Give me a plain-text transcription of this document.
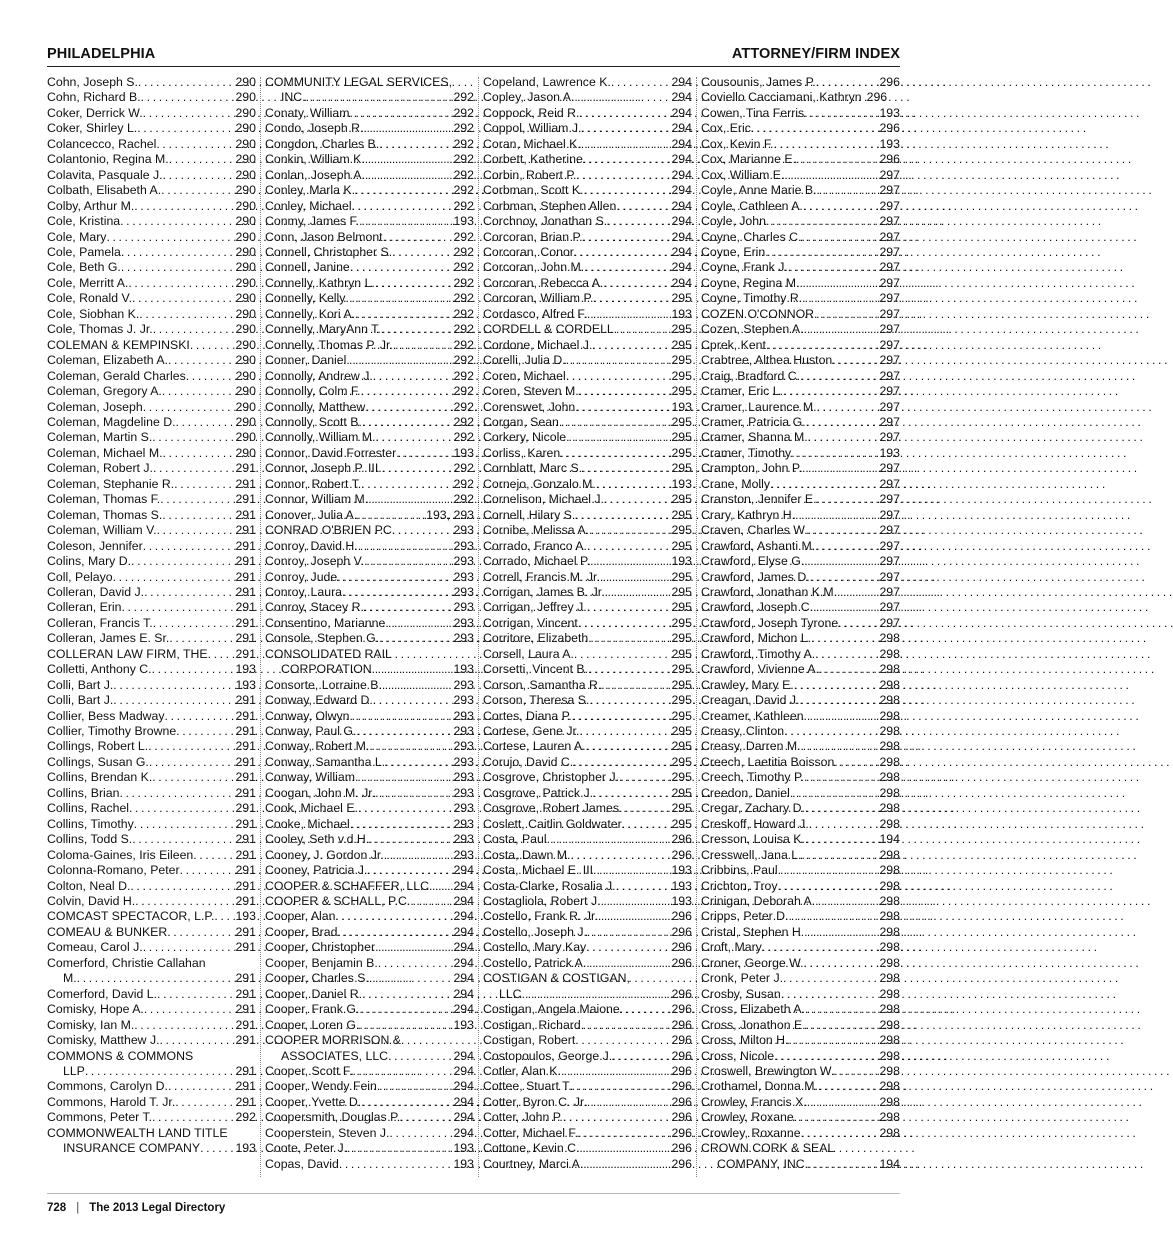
PHILADELPHIA	ATTORNEY/FIRM INDEX
Cohn, Joseph S. . . .	290
Cohn, Richard B. . . .	290
Coker, Derrick W. . . .	290
Coker, Shirley L. . . .	290
Colancecco, Rachel . . .	290
Colantonio, Regina M. . . .	290
Colavita, Pasquale J. . . .	290
Colbath, Elisabeth A. . . .	290
Colby, Arthur M. . . .	290
Cole, Kristina . . .	290
Cole, Mary . . .	290
Cole, Pamela . . .	290
Cole, Beth G. . . .	290
Cole, Merritt A. . . .	290
Cole, Ronald V. . . .	290
Cole, Siobhan K. . . .	290
Cole, Thomas J. Jr. . . .	290
COLEMAN & KEMPINSKI . . .	290
Coleman, Elizabeth A. . . .	290
Coleman, Gerald Charles . . .	290
Coleman, Gregory A. . . .	290
Coleman, Joseph . . .	290
Coleman, Magdeline D. . . .	290
Coleman, Martin S. . . .	290
Coleman, Michael M. . . .	290
Coleman, Robert J. . . .	291
Coleman, Stephanie R. . . .	291
Coleman, Thomas F. . . .	291
Coleman, Thomas S. . . .	291
Coleman, William V. . . .	291
Coleson, Jennifer . . .	291
Colins, Mary D. . . .	291
Coll, Pelayo . . .	291
Colleran, David J. . . .	291
Colleran, Erin . . .	291
Colleran, Francis T. . . .	291
Colleran, James E. Sr. . . .	291
COLLERAN LAW FIRM, THE . . . 291
Colletti, Anthony C. . . .	193
Colli, Bart J. . . .	193
Colli, Bart J. . . .	291
Collier, Bess Madway . . .	291
Collier, Timothy Browne . . .	291
Collings, Robert L. . . .	291
Collings, Susan G. . . .	291
Collins, Brendan K. . . .	291
Collins, Brian . . .	291
Collins, Rachel . . .	291
Collins, Timothy . . .	291
Collins, Todd S. . . .	291
Coloma-Gaines, Iris Eileen . . .	291
Colonna-Romano, Peter . . .	291
Colton, Neal D. . . .	291
Colvin, David H. . . .	291
COMCAST SPECTACOR, L.P. . . . 193
COMEAU & BUNKER . . .	291
Comeau, Carol J. . . .	291
Comerford, Christie Callahan
M. . . .	291
Comerford, David L. . . .	291
Comisky, Hope A. . . .	291
Comisky, Ian M. . . .	291
Comisky, Matthew J. . . .	291
COMMONS & COMMONS
LLP . . .	291
Commons, Carolyn D. . . .	291
Commons, Harold T. Jr. . . .	291
Commons, Peter T. . . .	292
COMMONWEALTH LAND TITLE
INSURANCE COMPANY . . .	193
COMMUNITY LEGAL SERVICES,
INC. . . .	292
Conaty, William . . .	292
Condo, Joseph R. . . .	292
Congdon, Charles B. . . .	292
Conkin, William K. . . .	292
Conlan, Joseph A. . . .	292
Conley, Marla K. . . .	292
Conley, Michael . . .	292
Conmy, James F. . . .	193
Conn, Jason Belmont . . .	292
Connell, Christopher S. . . .	292
Connell, Janine . . .	292
Connelly, Kathryn L. . . .	292
Connelly, Kelly . . .	292
Connelly, Kori A. . . .	292
Connelly, MaryAnn T. . . .	292
Connelly, Thomas P. Jr. . . .	292
Conner, Daniel . . .	292
Connolly, Andrew J. . . .	292
Connolly, Colm F. . . .	292
Connolly, Matthew . . .	292
Connolly, Scott B. . . .	292
Connolly, William M. . . .	292
Connor, David Forrester . . .	193
Connor, Joseph P. III. . . .	292
Connor, Robert T. . . .	292
Connor, William M. . . .	292
Conover, Julia A. . . .	193, 293
CONRAD O'BRIEN PC . . .	293
Conroy, David H. . . .	293
Conroy, Joseph V. . . .	293
Conroy, Jude . . .	293
Conroy, Laura . . .	293
Conroy, Stacey R. . . .	293
Consentino, Marianne . . .	293
Console, Stephen G. . . .	293
CONSOLIDATED RAIL
CORPORATION . . .	193
Consorte, Lorraine B. . . .	293
Conway, Edward D. . . .	293
Conway, Olwyn . . .	293
Conway, Paul G. . . .	293
Conway, Robert M. . . .	293
Conway, Samantha L. . . .	293
Conway, William . . .	293
Coogan, John M. Jr. . . .	293
Cook, Michael E. . . .	293
Cooke, Michael . . .	293
Cooley, Seth v.d.H. . . .	293
Cooney, J. Gordon Jr. . . .	293
Cooney, Patricia J. . . .	294
COOPER & SCHAFFER, LLC . . . 294
COOPER & SCHALL, P.C. . . .	294
Cooper, Alan . . .	294
Cooper, Brad . . .	294
Cooper, Christopher . . .	294
Cooper, Benjamin B. . . .	294
Cooper, Charles S. . . .	294
Cooper, Daniel R. . . .	294
Cooper, Frank G. . . .	294
Cooper, Loren G. . . .	193
COOPER MORRISON &
ASSOCIATES, LLC . . .	294
Cooper, Scott F. . . .	294
Cooper, Wendy Fein . . .	294
Cooper, Yvette D. . . .	294
Coopersmith, Douglas P. . . .	294
Cooperstein, Steven J. . . .	294
Coote, Peter J. . . .	193
Copas, David . . .	193
Copeland, Lawrence K. . . .	294
Copley, Jason A. . . .	294
Coppock, Reid R. . . .	294
Coppol, William J. . . .	294
Coran, Michael K. . . .	294
Corbett, Katherine . . .	294
Corbin, Robert P. . . .	294
Corbman, Scott K. . . .	294
Corbman, Stephen Allen . . .	294
Corchnoy, Jonathan S. . . .	294
Corcoran, Brian P. . . .	294
Corcoran, Conor . . .	294
Corcoran, John M. . . .	294
Corcoran, Rebecca A. . . .	294
Corcoran, William P. . . .	295
Cordasco, Alfred F. . . .	193
CORDELL & CORDELL . . .	295
Cordone, Michael J. . . .	295
Corelli, Julia D. . . .	295
Coren, Michael . . .	295
Coren, Steven M. . . .	295
Corenswet, John . . .	193
Corgan, Sean . . .	295
Corkery, Nicole . . .	295
Corliss, Karen . . .	295
Cornblatt, Marc S. . . .	295
Cornejo, Gonzalo M. . . .	193
Cornelison, Michael J. . . .	295
Cornell, Hilary S. . . .	295
Cornibe, Melissa A. . . .	295
Corrado, Franco A. . . .	295
Corrado, Michael P. . . .	193
Correll, Francis M. Jr. . . .	295
Corrigan, James B. Jr. . . .	295
Corrigan, Jeffrey J. . . .	295
Corrigan, Vincent . . .	295
Corritore, Elizabeth . . .	295
Corsell, Laura A. . . .	295
Corsetti, Vincent B. . . .	295
Corson, Samantha R. . . .	295
Corson, Theresa S. . . .	295
Cortes, Diana P. . . .	295
Cortese, Gene Jr. . . .	295
Cortese, Lauren A. . . .	295
Corujo, David C. . . .	295
Cosgrove, Christopher J. . . .	295
Cosgrove, Patrick J. . . .	295
Cosgrove, Robert James . . .	295
Coslett, Caitlin Goldwater . . .	295
Costa, Paul . . .	296
Costa, Dawn M. . . .	296
Costa, Michael E. III . . .	193
Costa-Clarke, Rosalia J. . . .	193
Costagliola, Robert J. . . .	193
Costello, Frank R. Jr. . . .	296
Costello, Joseph J. . . .	296
Costello, Mary Kay . . .	296
Costello, Patrick A. . . .	296
COSTIGAN & COSTIGAN,
LLC . . .	296
Costigan, Angela Maione . . .	296
Costigan, Richard . . .	296
Costigan, Robert . . .	296
Costopoulos, George J. . . .	296
Cotler, Alan K. . . .	296
Cottee, Stuart T. . . .	296
Cotter, Byron C. Jr. . . .	296
Cotter, John P. . . .	296
Cotter, Michael F. . . .	296
Cottone, Kevin C. . . .	296
Courtney, Marci A. . . .	296
Cousounis, James P. . . .	296
Coviello Cacciamani, Kathryn 296
Cowen, Tina Ferris . . .	193
Cox, Eric . . .	296
Cox, Kevin F. . . .	193
Cox, Marianne E. . . .	296
Cox, William E. . . .	297
Coyle, Anne Marie B. . . .	297
Coyle, Cathleen A. . . .	297
Coyle, John . . .	297
Coyne, Charles C. . . .	297
Coyne, Erin . . .	297
Coyne, Frank J. . . .	297
Coyne, Regina M. . . .	297
Coyne, Timothy R. . . .	297
COZEN O'CONNOR . . .	297
Cozen, Stephen A. . . .	297
Cprek, Kent . . .	297
Crabtree, Althea Huston . . .	297
Craig, Bradford C. . . .	297
Cramer, Eric L. . . .	297
Cramer, Laurence M. . . .	297
Cramer, Patricia G. . . .	297
Cramer, Shanna M. . . .	297
Cramer, Timothy . . .	193
Crampton, John P. . . .	297
Crane, Molly . . .	297
Cranston, Jennifer E. . . .	297
Crary, Kathryn H. . . .	297
Craven, Charles W. . . .	297
Crawford, Ashanti M. . . .	297
Crawford, Elyse G. . . .	297
Crawford, James D. . . .	297
Crawford, Jonathan K.M. . . .	297
Crawford, Joseph C. . . .	297
Crawford, Joseph Tyrone . . .	297
Crawford, Michon L. . . .	298
Crawford, Timothy A. . . .	298
Crawford, Vivienne A. . . .	298
Crawley, Mary E. . . .	298
Creagan, David J. . . .	298
Creamer, Kathleen . . .	298
Creasy, Clinton . . .	298
Creasy, Darren M. . . .	298
Creech, Laetitia Boisson . . .	298
Creech, Timothy P. . . .	298
Creedon, Daniel . . .	298
Cregar, Zachary D. . . .	298
Creskoff, Howard J. . . .	298
Cresson, Louisa K. . . .	194
Cresswell, Jana L. . . .	298
Cribbins, Paul . . .	298
Crichton, Troy . . .	298
Crinigan, Deborah A. . . .	298
Cripps, Peter D. . . .	298
Cristal, Stephen H . . .	298
Croft, Mary . . .	298
Croner, George W. . . .	298
Cronk, Peter J. . . .	298
Crosby, Susan . . .	298
Cross, Elizabeth A. . . .	298
Cross, Jonathon E. . . .	298
Cross, Milton H. . . .	298
Cross, Nicole . . .	298
Croswell, Brewington W. . . .	298
Crothamel, Donna M. . . .	298
Crowley, Francis X. . . .	298
Crowley, Roxane . . .	298
Crowley, Roxanne . . .	298
CROWN CORK & SEAL
COMPANY, INC. . . .	194
728 | The 2013 Legal Directory
